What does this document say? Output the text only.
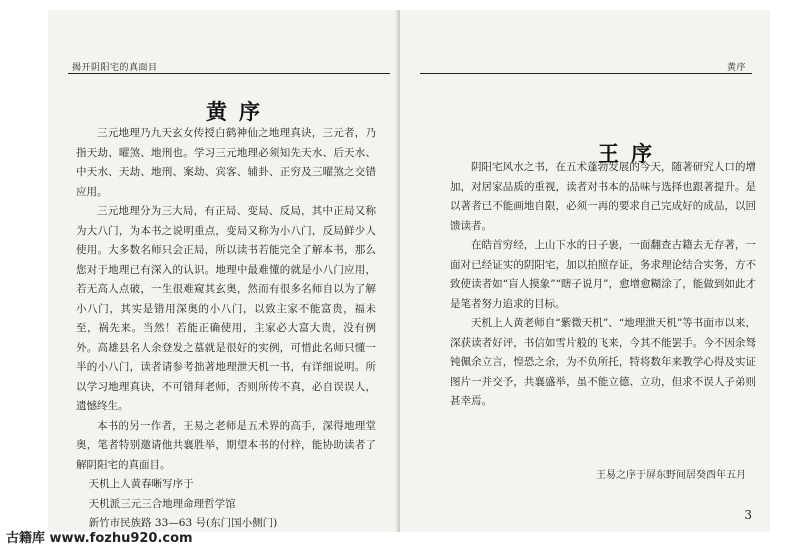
揭开阴阳宅的真面目
黄序

三元地理乃九天玄女传授白鹤神仙之地理真诀，三元者，乃指天劫、曜煞、地刑也。学习三元地理必须知先天水、后天水、中天水、天劫、地刑、案劫、宾客、辅卦、正穷及三曜煞之交错应用。

三元地理分为三大局，有正局、变局、反局，其中正局又称为大八门，为本书之说明重点，变局又称为小八门，反局鲜少人使用。大多数名师只会正局，所以读书若能完全了解本书，那么您对于地理已有深入的认识。地理中最难懂的就是小八门应用，若无高人点破，一生很难窥其玄奥，然而有很多名师自以为了解小八门，其实是错用深奥的小八门，以致主家不能富贵，福未至，祸先来。当然！若能正确使用，主家必大富大贵，没有例外。高雄县名人余登发之墓就是很好的实例，可惜此名师只懂一半的小八门，读者请参考拙著地理泄天机一书，有详细说明。所以学习地理真诀，不可错拜老师，否则所传不真，必自误误人，遗憾终生。

本书的另一作者，王易之老师是五术界的高手，深得地理堂奥，笔者特别邀请他共襄胜举，期望本书的付梓，能协助读者了解阴阳宅的真面目。

天机上人黄春晰写序于

天机派三元三合地理命理哲学馆

新竹市民族路 33—63 号(东门国小侧门)

黄序
王序

阴阳宅风水之书，在五术蓬勃发展的今天，随著研究人口的增加，对居家品质的重视，读者对书本的品味与选择也跟著提升。是以著者已不能画地自限，必须一再的要求自己完成好的成品，以回馈读者。

在皓首穷经，上山下水的日子裹，一面翻查古籍去无存著，一面对已经证实的阴阳宅，加以拍照存证，务求理论结合实务，方不致使读者如“盲人摸象”“瞎子说月”，愈增愈糊涂了，能做到如此才是笔者努力追求的目标。

天机上人黄老师自“紫微天机”、“地理泄天机”等书面市以来，深获读者好评，书信如雪片般的飞来，今其不能罢手。今不因余驽钝佩余立言，惶恐之余，为不负所托，特将数年来教学心得及实证图片一并交予，共襄盛举，虽不能立德、立功，但求不误人子弟则甚幸焉。

王易之序于屏东野间居癸酉年五月
3
古籍库 www.fozhu920.com
